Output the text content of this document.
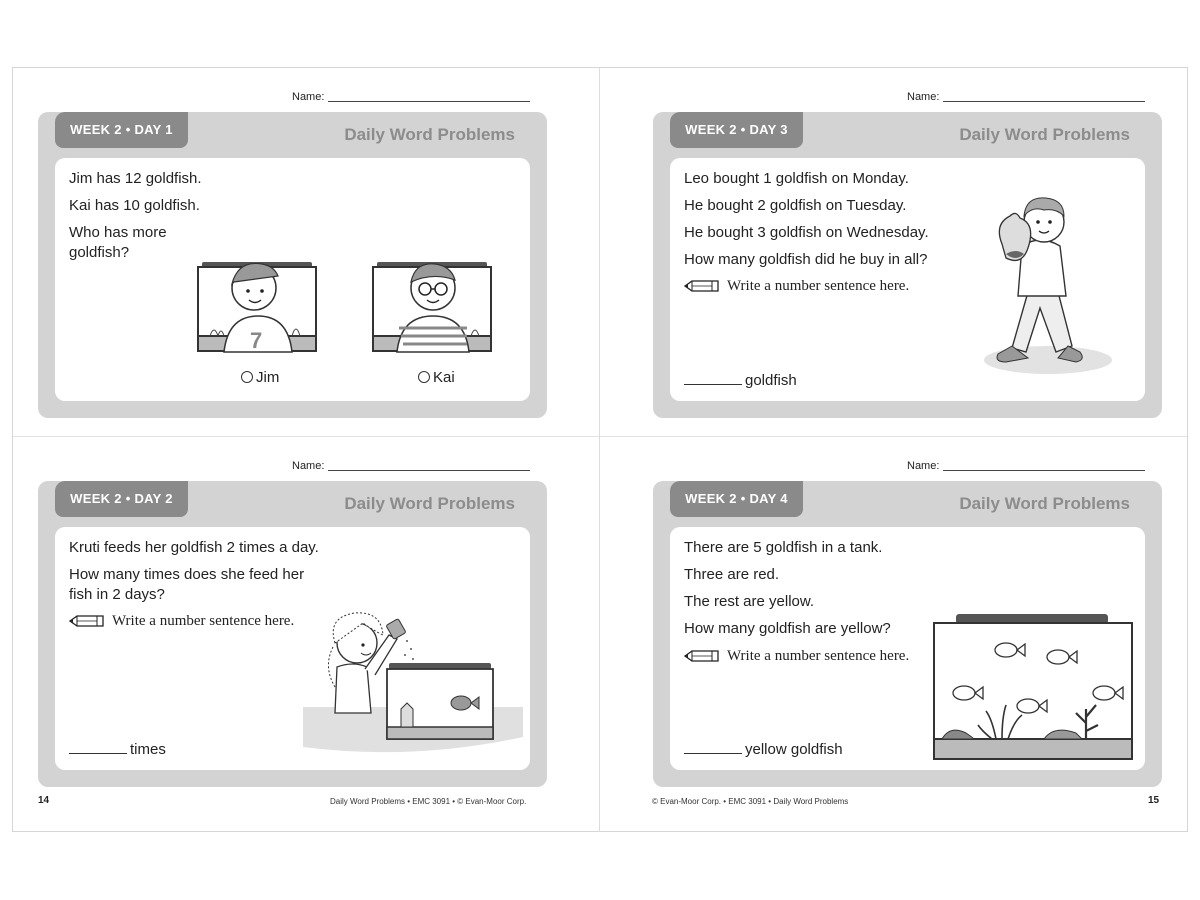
Name:
WEEK 2 • DAY 1	Daily Word Problems
Jim has 12 goldfish.
Kai has 10 goldfish.
Who has more
goldfish?
7
Jim	Kai
Name:
WEEK 2 • DAY 3	Daily Word Problems
Leo bought 1 goldfish on Monday.
He bought 2 goldfish on Tuesday.
He bought 3 goldfish on Wednesday.
How many goldfish did he buy in all?
Write a number sentence here.
goldfish
Name:
WEEK 2 • DAY 2	Daily Word Problems
Kruti feeds her goldfish 2 times a day.
How many times does she feed her
fish in 2 days?
Write a number sentence here.
times
Name:
WEEK 2 • DAY 4	Daily Word Problems
There are 5 goldfish in a tank.
Three are red.
The rest are yellow.
How many goldfish are yellow?
Write a number sentence here.
yellow goldfish
14	Daily Word Problems • EMC 3091 • © Evan-Moor Corp.	© Evan-Moor Corp. • EMC 3091 • Daily Word Problems	15
